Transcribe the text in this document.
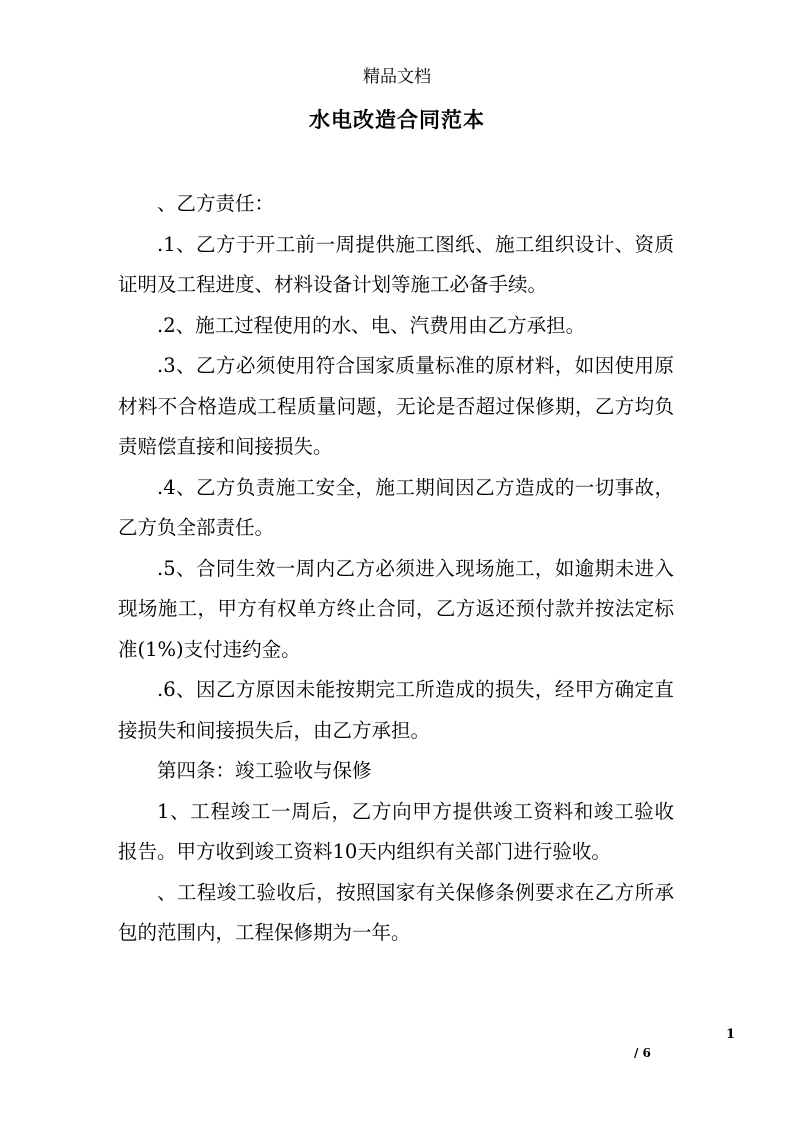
精品文档
水电改造合同范本

、乙方责任：

.1、乙方于开工前一周提供施工图纸、施工组织设计、资质证明及工程进度、材料设备计划等施工必备手续。

.2、施工过程使用的水、电、汽费用由乙方承担。

.3、乙方必须使用符合国家质量标准的原材料，如因使用原材料不合格造成工程质量问题，无论是否超过保修期，乙方均负责赔偿直接和间接损失。

.4、乙方负责施工安全，施工期间因乙方造成的一切事故，乙方负全部责任。

.5、合同生效一周内乙方必须进入现场施工，如逾期未进入现场施工，甲方有权单方终止合同，乙方返还预付款并按法定标准(1%)支付违约金。

.6、因乙方原因未能按期完工所造成的损失，经甲方确定直接损失和间接损失后，由乙方承担。

第四条：竣工验收与保修

1、工程竣工一周后，乙方向甲方提供竣工资料和竣工验收报告。甲方收到竣工资料10天内组织有关部门进行验收。

、工程竣工验收后，按照国家有关保修条例要求在乙方所承包的范围内，工程保修期为一年。

1
/ 6
